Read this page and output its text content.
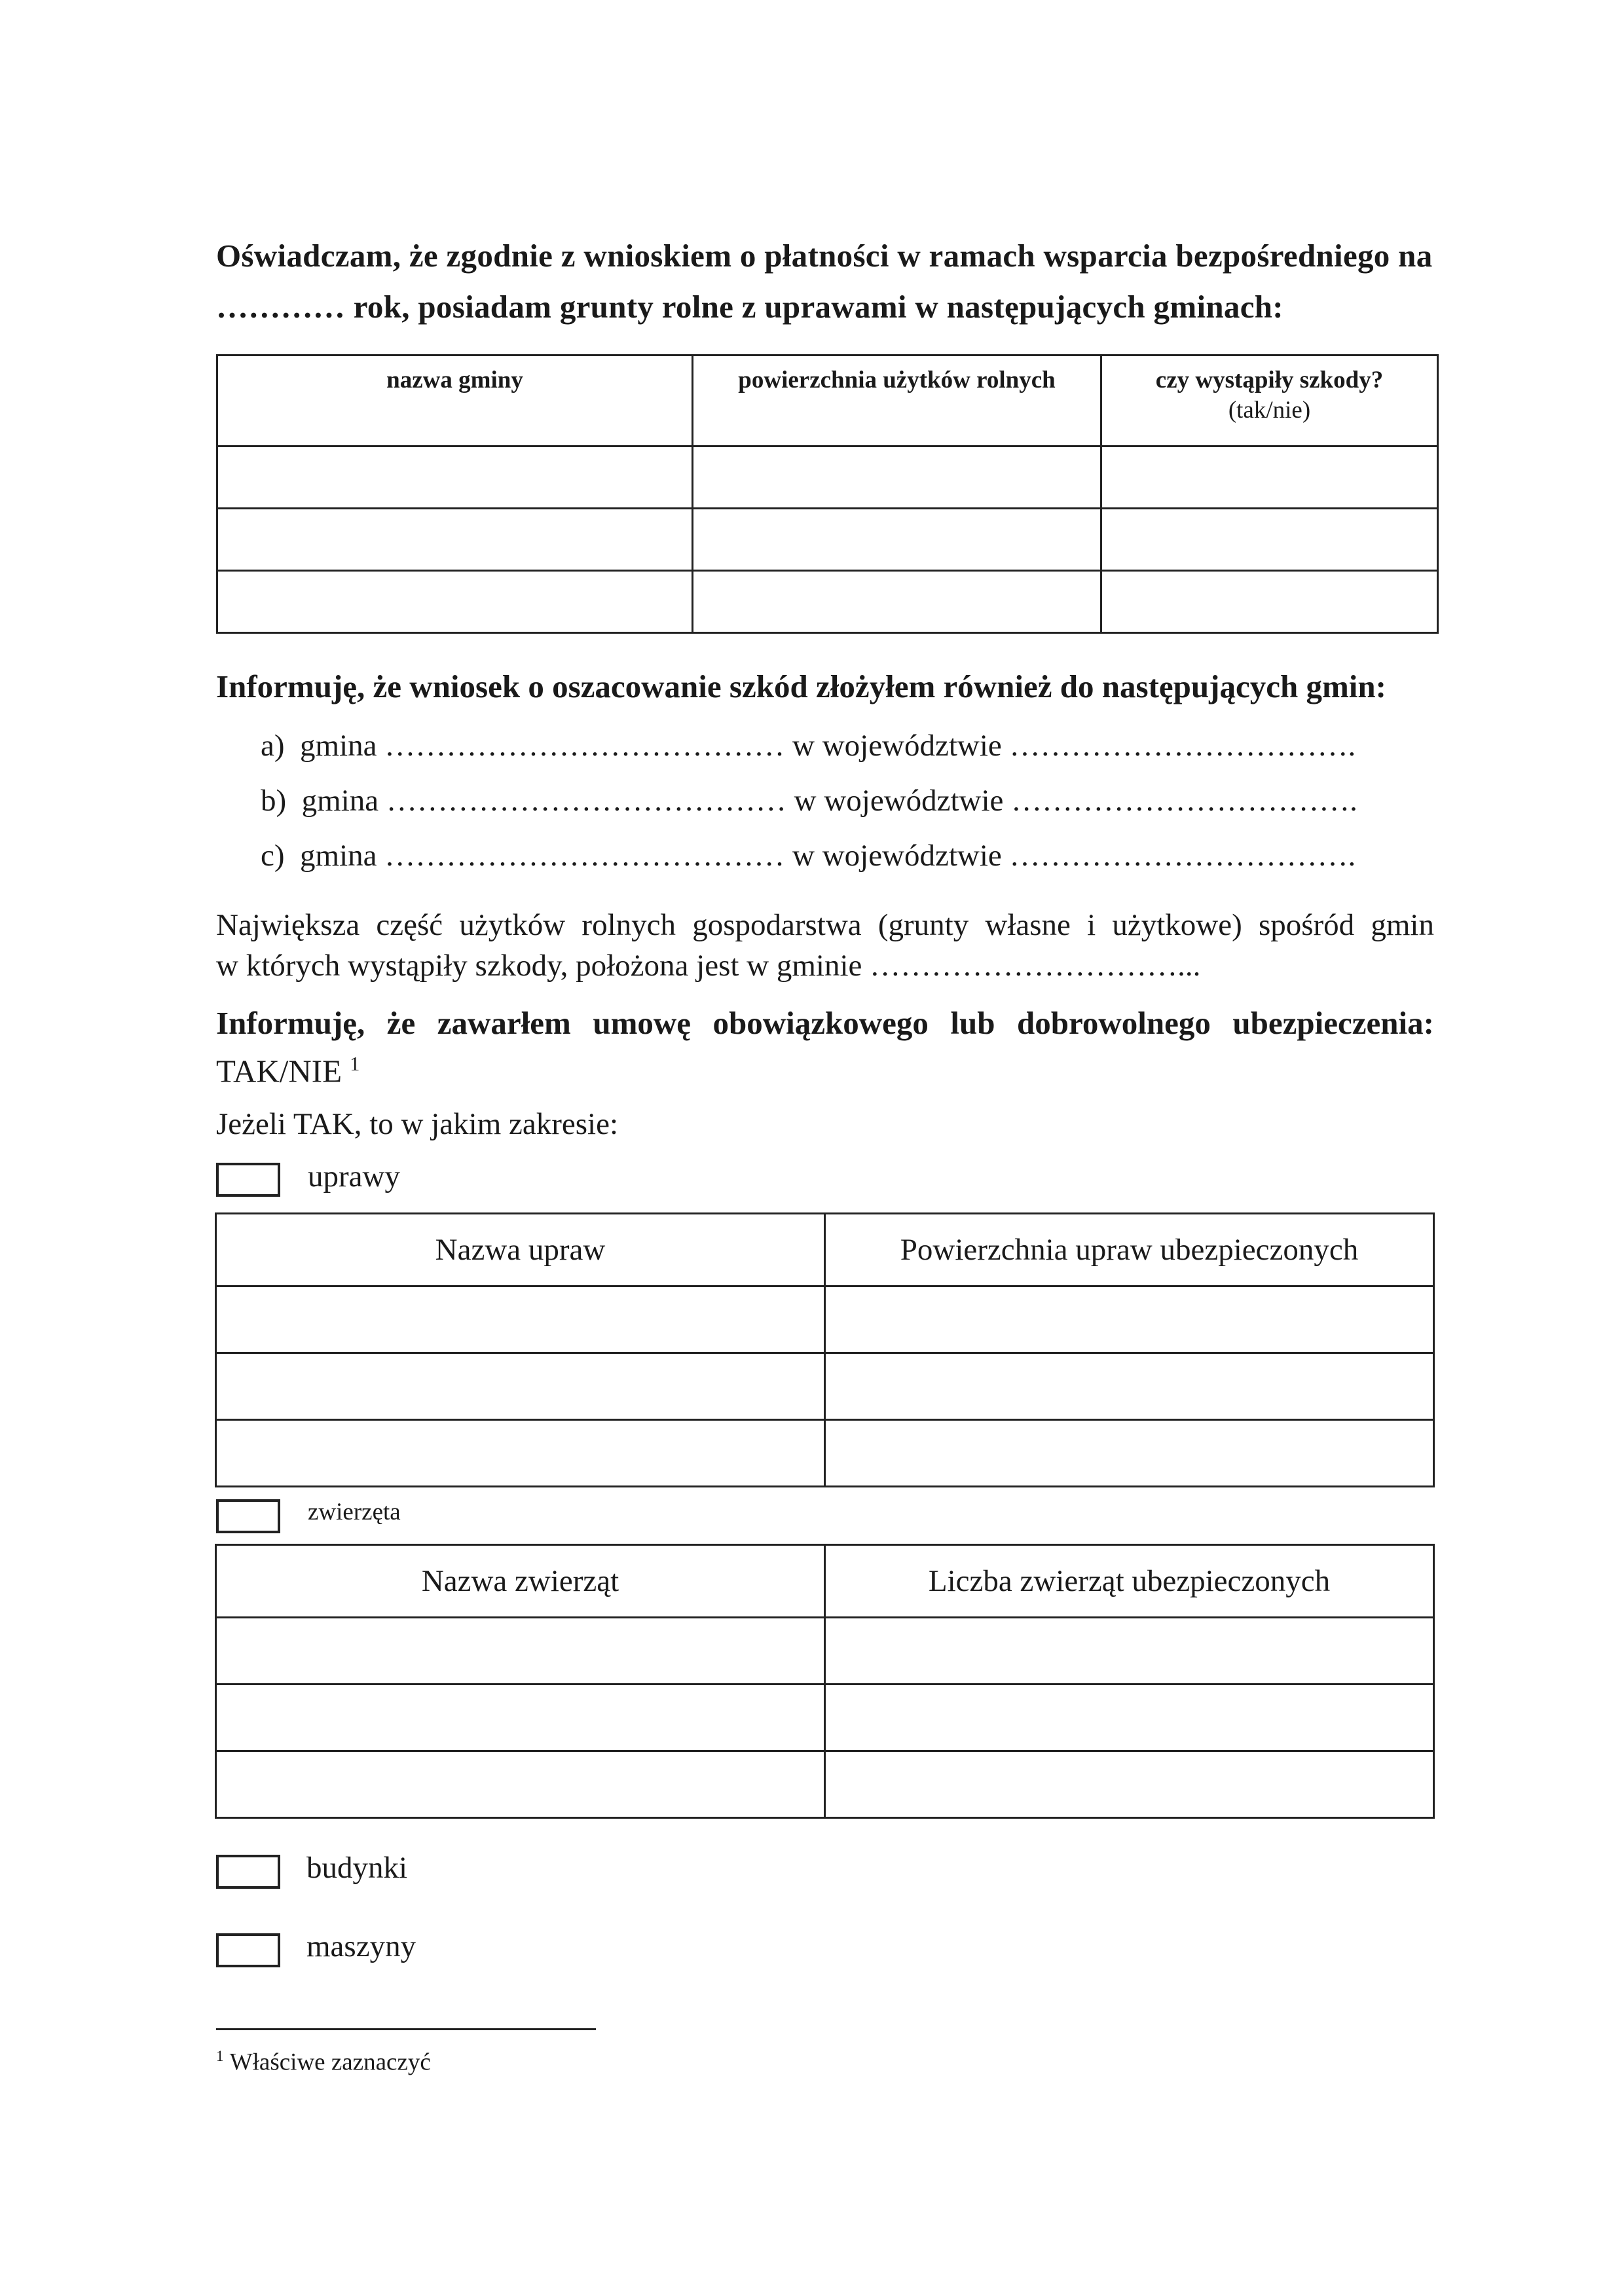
Oświadczam, że zgodnie z wnioskiem o płatności w ramach wsparcia bezpośredniego na
………… rok, posiadam grunty rolne z uprawami w następujących gminach:
nazwa gminy	powierzchnia użytków rolnych	czy wystąpiły szkody?
(tak/nie)

Informuję, że wniosek o oszacowanie szkód złożyłem również do następujących gmin:
a) gmina ………………………………… w województwie …………………………….
b) gmina ………………………………… w województwie …………………………….
c) gmina ………………………………… w województwie …………………………….
Największa część użytków rolnych gospodarstwa (grunty własne i użytkowe) spośród gmin
w których wystąpiły szkody, położona jest w gminie …………………………...
Informuję, że zawarłem umowę obowiązkowego lub dobrowolnego ubezpieczenia:
TAK/NIE $^1$
Jeżeli TAK, to w jakim zakresie:
uprawy
Nazwa upraw	Powierzchnia upraw ubezpieczonych

zwierzęta
Nazwa zwierząt	Liczba zwierząt ubezpieczonych

budynki
maszyny
$^1$ Właściwe zaznaczyć
